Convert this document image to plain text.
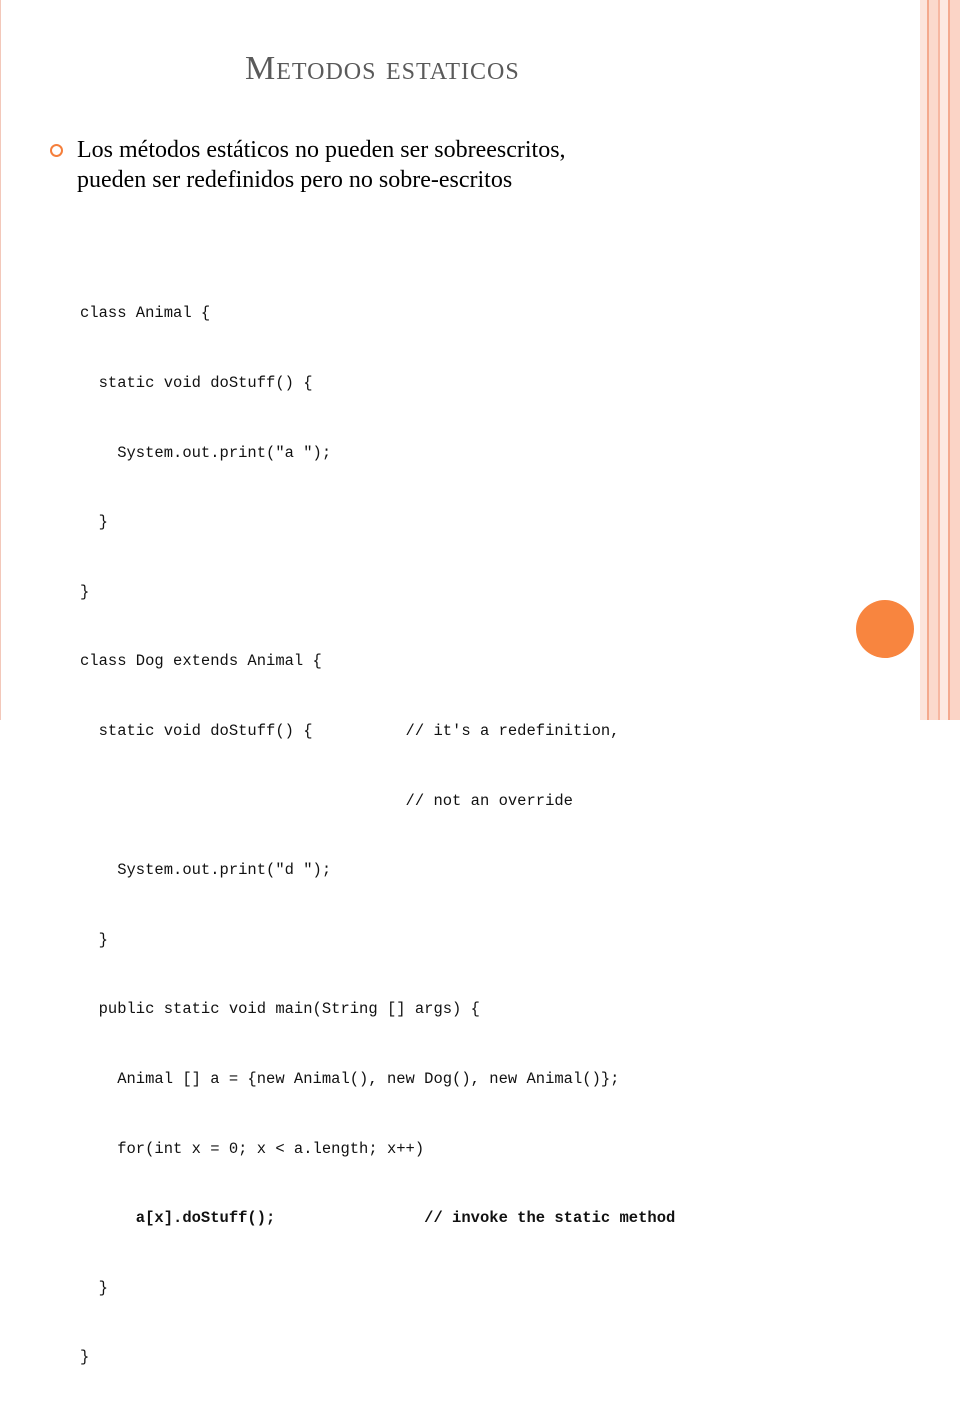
Metodos estaticos
Los métodos estáticos no pueden ser sobreescritos,
pueden ser redefinidos pero no sobre-escritos

class Animal {

static void doStuff() {

System.out.print("a ");

}

}

class Dog extends Animal {

static void doStuff() {          // it's a redefinition,

// not an override

System.out.print("d ");

}

public static void main(String [] args) {

Animal [] a = {new Animal(), new Dog(), new Animal()};

for(int x = 0; x < a.length; x++)

a[x].doStuff();                // invoke the static method

}

}
